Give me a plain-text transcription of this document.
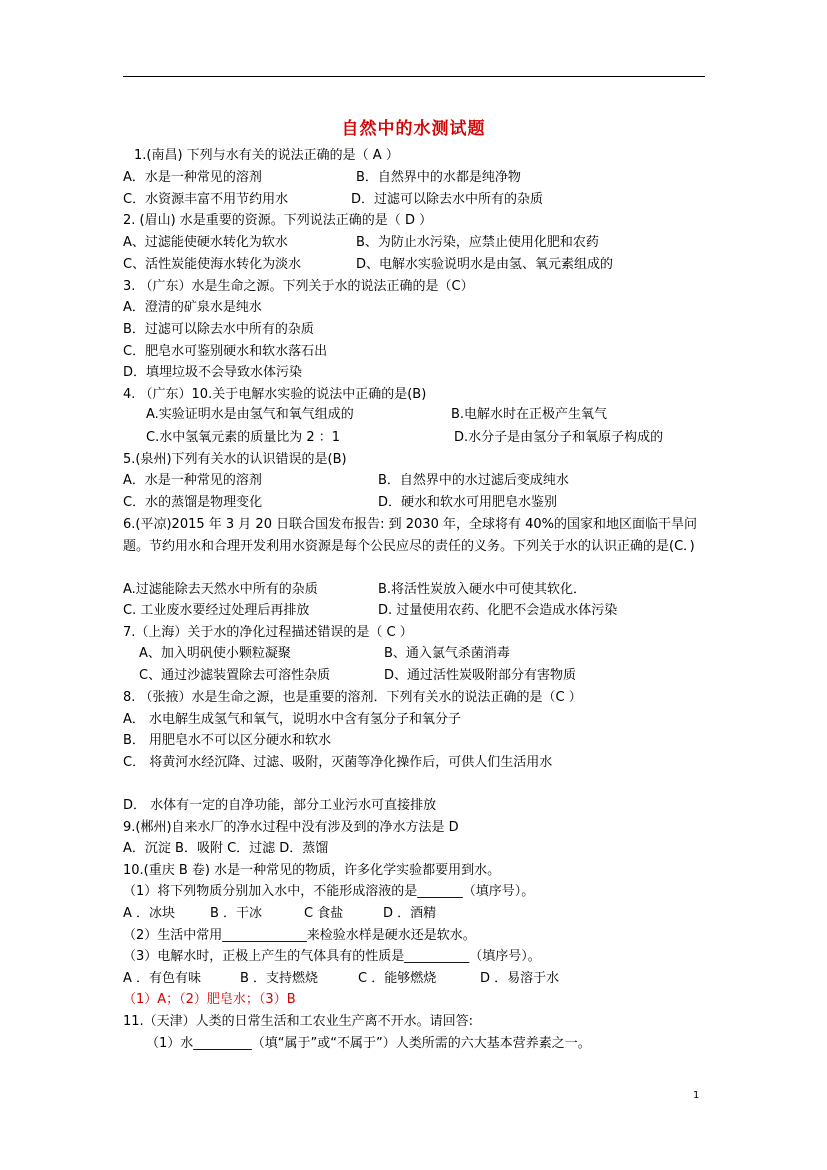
自然中的水测试题
1.(南昌) 下列与水有关的说法正确的是（ A ）
A．水是一种常见的溶剂	B．自然界中的水都是纯净物
C．水资源丰富不用节约用水	D．过滤可以除去水中所有的杂质
2. (眉山) 水是重要的资源。下列说法正确的是（ D ）
A、过滤能使硬水转化为软水	B、为防止水污染，应禁止使用化肥和农药
C、活性炭能使海水转化为淡水	D、电解水实验说明水是由氢、氧元素组成的
3. （广东）水是生命之源。下列关于水的说法正确的是（C）
A．澄清的矿泉水是纯水
B．过滤可以除去水中所有的杂质
C．肥皂水可鉴别硬水和软水落石出
D．填埋垃圾不会导致水体污染
4. （广东）10.关于电解水实验的说法中正确的是(B)
A.实验证明水是由氢气和氧气组成的	B.电解水时在正极产生氧气
C.水中氢氧元素的质量比为 2 ：1	D.水分子是由氢分子和氧原子构成的
5.(泉州)下列有关水的认识错误的是(B)
A．水是一种常见的溶剂	B．自然界中的水过滤后变成纯水
C．水的蒸馏是物理变化	D．硬水和软水可用肥皂水鉴别
6.(平凉)2015 年 3 月 20 日联合国发布报告: 到 2030 年，全球将有 40%的国家和地区面临干旱问题。节约用水和合理开发利用水资源是每个公民应尽的责任的义务。下列关于水的认识正确的是(C．)
A.过滤能除去天然水中所有的杂质	B.将活性炭放入硬水中可使其软化．
C. 工业废水要经过处理后再排放	D. 过量使用农药、化肥不会造成水体污染
7.（上海）关于水的净化过程描述错误的是（ C ）
A、加入明矾使小颗粒凝聚	B、通入氯气杀菌消毒
C、通过沙滤装置除去可溶性杂质	D、通过活性炭吸附部分有害物质
8. （张掖）水是生命之源，也是重要的溶剂．下列有关水的说法正确的是（C ）
A． 水电解生成氢气和氧气，说明水中含有氢分子和氧分子
B． 用肥皂水不可以区分硬水和软水
C． 将黄河水经沉降、过滤、吸附，灭菌等净化操作后，可供人们生活用水
D． 水体有一定的自净功能，部分工业污水可直接排放
9.(郴州)自来水厂的净水过程中没有涉及到的净水方法是 D
A．沉淀 B．吸附 C．过滤 D．蒸馏
10.(重庆 B 卷) 水是一种常见的物质，许多化学实验都要用到水。
（1）将下列物质分别加入水中，不能形成溶液的是_______（填序号）。
A ．冰块	B ．干冰	C 食盐	D ．酒精
（2）生活中常用_____________来检验水样是硬水还是软水。
（3）电解水时，正极上产生的气体具有的性质是__________（填序号）。
A ．有色有味	B ．支持燃烧	C ．能够燃烧	D ．易溶于水
（1）A；（2）肥皂水；（3）B
11.（天津）人类的日常生活和工农业生产离不开水。请回答:
（1）水_________（填“属于”或“不属于”）人类所需的六大基本营养素之一。
1
